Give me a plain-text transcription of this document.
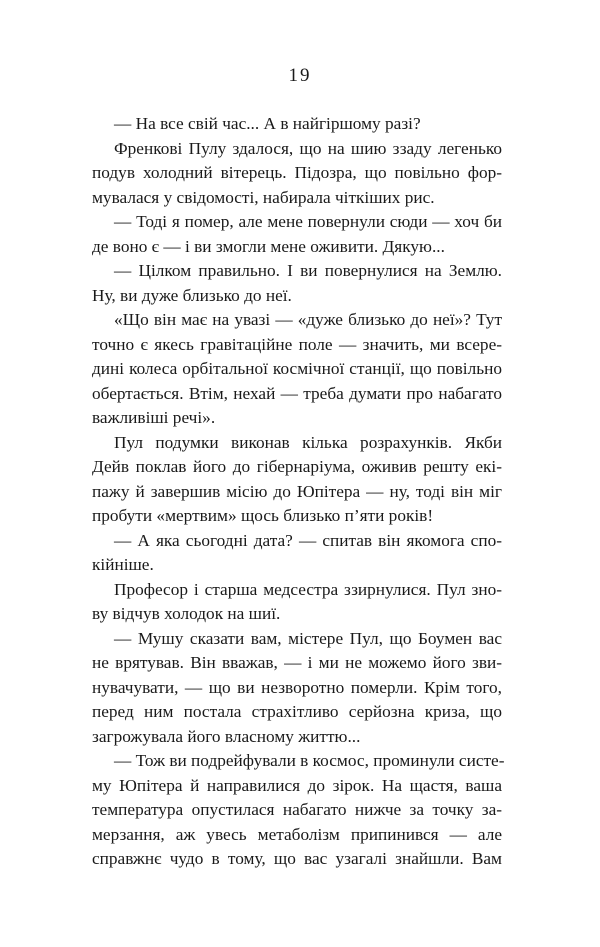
19
— На все свій час... А в найгіршому разі?
Френкові Пулу здалося, що на шию ззаду легенько
подув холодний вітерець. Підозра, що повільно фор-
мувалася у свідомості, набирала чіткіших рис.
— Тоді я помер, але мене повернули сюди — хоч би
де воно є — і ви змогли мене оживити. Дякую...
— Цілком правильно. І ви повернулися на Землю.
Ну, ви дуже близько до неї.
«Що він має на увазі — «дуже близько до неї»? Тут
точно є якесь гравітаційне поле — значить, ми всере-
дині колеса орбітальної космічної станції, що повільно
обертається. Втім, нехай — треба думати про набагато
важливіші речі».
Пул подумки виконав кілька розрахунків. Якби
Дейв поклав його до гібернаріума, оживив решту екі-
пажу й завершив місію до Юпітера — ну, тоді він міг
пробути «мертвим» щось близько п’яти років!
— А яка сьогодні дата? — спитав він якомога спо-
кійніше.
Професор і старша медсестра ззирнулися. Пул зно-
ву відчув холодок на шиї.
— Мушу сказати вам, містере Пул, що Боумен вас
не врятував. Він вважав, — і ми не можемо його зви-
нувачувати, — що ви незворотно померли. Крім того,
перед ним постала страхітливо серйозна криза, що
загрожувала його власному життю...
— Тож ви подрейфували в космос, проминули систе-
му Юпітера й направилися до зірок. На щастя, ваша
температура опустилася набагато нижче за точку за-
мерзання, аж увесь метаболізм припинився — але
справжнє чудо в тому, що вас узагалі знайшли. Вам
